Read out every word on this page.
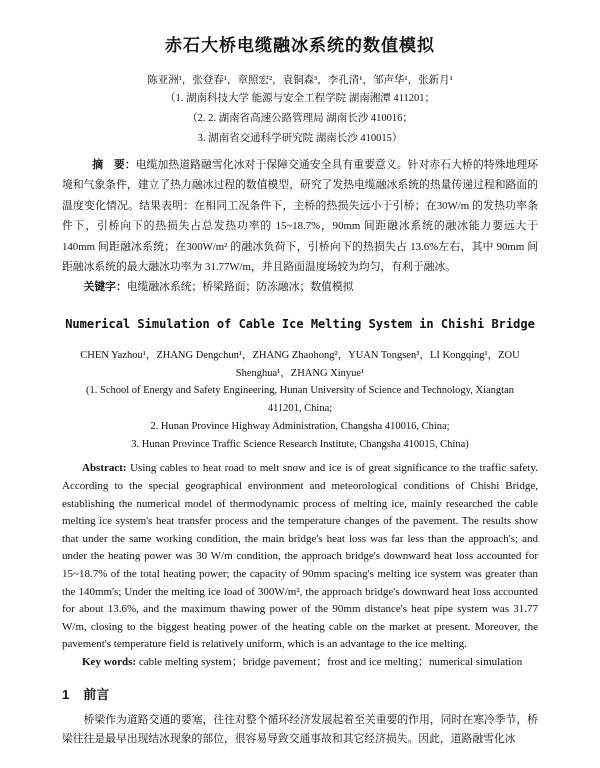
赤石大桥电缆融冰系统的数值模拟
陈亚洲¹，张登春¹，章照宏²，袁铜森³，李孔清¹，邹声华¹，张新月¹
（1. 湖南科技大学 能源与安全工程学院 湖南湘潭 411201；
（2. 2. 湖南省高速公路管理局 湖南长沙 410016；
3. 湖南省交通科学研究院 湖南长沙 410015）
摘　要：电缆加热道路融雪化冰对于保障交通安全具有重要意义。针对赤石大桥的特殊地理环境和气象条件，建立了热力融冰过程的数值模型，研究了发热电缆融冰系统的热量传递过程和路面的温度变化情况。结果表明：在相同工况条件下，主桥的热损失远小于引桥；在30W/m 的发热功率条件下，引桥向下的热损失占总发热功率的 15~18.7%，90mm 间距融冰系统的融冰能力要远大于140mm 间距融冰系统；在300W/m² 的融冰负荷下，引桥向下的热损失占 13.6%左右，其中 90mm 间距融冰系统的最大融冰功率为 31.77W/m，并且路面温度场较为均匀，有利于融冰。
关键字：电缆融冰系统；桥梁路面；防冻融冰；数值模拟
Numerical Simulation of Cable Ice Melting System in Chishi Bridge
CHEN Yazhou¹，ZHANG Dengchun¹，ZHANG Zhaohong²，YUAN Tongsen³，LI Kongqing¹，ZOU
Shenghua¹，ZHANG Xinyue¹
(1. School of Energy and Safety Engineering, Hunan University of Science and Technology, Xiangtan
411201, China;
2. Hunan Province Highway Administration, Changsha 410016, China;
3. Hunan Province Traffic Science Research Institute, Changsha 410015, China)
Abstract: Using cables to heat road to melt snow and ice is of great significance to the traffic safety. According to the special geographical environment and meteorological conditions of Chishi Bridge, establishing the numerical model of thermodynamic process of melting ice, mainly researched the cable melting ice system's heat transfer process and the temperature changes of the pavement. The results show that under the same working condition, the main bridge's heat loss was far less than the approach's; and under the heating power was 30 W/m condition, the approach bridge's downward heat loss accounted for 15~18.7% of the total heating power; the capacity of 90mm spacing's melting ice system was greater than the 140mm's; Under the melting ice load of 300W/m², the approach bridge's downward heat loss accounted for about 13.6%, and the maximum thawing power of the 90mm distance's heat pipe system was 31.77 W/m, closing to the biggest heating power of the heating cable on the market at present. Moreover, the pavement's temperature field is relatively uniform, which is an advantage to the ice melting.
Key words: cable melting system；bridge pavement；frost and ice melting；numerical simulation
1 前言
桥梁作为道路交通的要塞，往往对整个循环经济发展起着至关重要的作用，同时在寒冷季节，桥梁往往是最早出现结冰现象的部位，很容易导致交通事故和其它经济损失。因此，道路融雪化冰
